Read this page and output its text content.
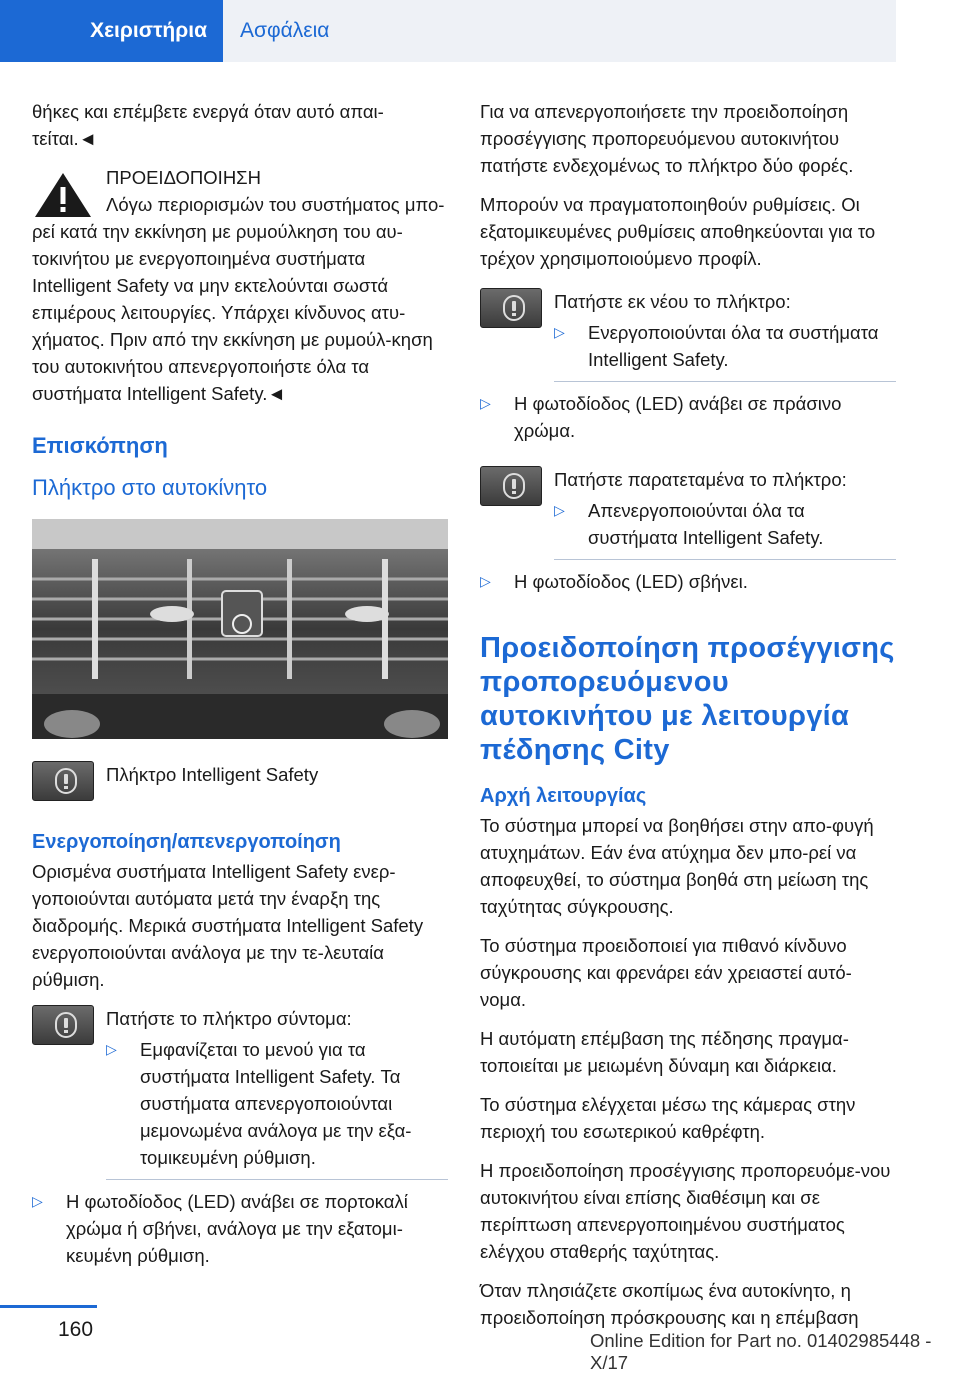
Χειριστήρια	Ασφάλεια

θήκες και επέμβετε ενεργά όταν αυτό απαι-τείται.◄

ΠΡΟΕΙΔΟΠΟΙΗΣΗ
Λόγω περιορισμών του συστήματος μπο-ρεί κατά την εκκίνηση με ρυμούλκηση του αυ-τοκινήτου με ενεργοποιημένα συστήματα Intelligent Safety να μην εκτελούνται σωστά επιμέρους λειτουργίες. Υπάρχει κίνδυνος ατυ-χήματος. Πριν από την εκκίνηση με ρυμούλ-κηση του αυτοκινήτου απενεργοποιήστε όλα τα συστήματα Intelligent Safety.◄
Επισκόπηση
Πλήκτρο στο αυτοκίνητο
Πλήκτρο Intelligent Safety
Ενεργοποίηση/απενεργοποίηση

Ορισμένα συστήματα Intelligent Safety ενερ-γοποιούνται αυτόματα μετά την έναρξη της διαδρομής. Μερικά συστήματα Intelligent Safety ενεργοποιούνται ανάλογα με την τε-λευταία ρύθμιση.

Πατήστε το πλήκτρο σύντομα:
▷ Εμφανίζεται το μενού για τα συστήματα Intelligent Safety. Τα συστήματα απενεργοποιούνται μεμονωμένα ανάλογα με την εξα-τομικευμένη ρύθμιση.
▷ Η φωτοδίοδος (LED) ανάβει σε πορτοκαλί χρώμα ή σβήνει, ανάλογα με την εξατομι-κευμένη ρύθμιση.

Για να απενεργοποιήσετε την προειδοποίηση προσέγγισης προπορευόμενου αυτοκινήτου πατήστε ενδεχομένως το πλήκτρο δύο φορές.

Μπορούν να πραγματοποιηθούν ρυθμίσεις. Οι εξατομικευμένες ρυθμίσεις αποθηκεύονται για το τρέχον χρησιμοποιούμενο προφίλ.

Πατήστε εκ νέου το πλήκτρο:
▷ Ενεργοποιούνται όλα τα συστήματα Intelligent Safety.
▷ Η φωτοδίοδος (LED) ανάβει σε πράσινο χρώμα.
Πατήστε παρατεταμένα το πλήκτρο:
▷ Απενεργοποιούνται όλα τα συστήματα Intelligent Safety.
▷ Η φωτοδίοδος (LED) σβήνει.
Προειδοποίηση προσέγγισης προπορευόμενου αυτοκινήτου με λειτουργία πέδησης City
Αρχή λειτουργίας

Το σύστημα μπορεί να βοηθήσει στην απο-φυγή ατυχημάτων. Εάν ένα ατύχημα δεν μπο-ρεί να αποφευχθεί, το σύστημα βοηθά στη μείωση της ταχύτητας σύγκρουσης.

Το σύστημα προειδοποιεί για πιθανό κίνδυνο σύγκρουσης και φρενάρει εάν χρειαστεί αυτό-νομα.

Η αυτόματη επέμβαση της πέδησης πραγμα-τοποιείται με μειωμένη δύναμη και διάρκεια.

Το σύστημα ελέγχεται μέσω της κάμερας στην περιοχή του εσωτερικού καθρέφτη.

Η προειδοποίηση προσέγγισης προπορευόμε-νου αυτοκινήτου είναι επίσης διαθέσιμη και σε περίπτωση απενεργοποιημένου συστήματος ελέγχου σταθερής ταχύτητας.

Όταν πλησιάζετε σκοπίμως ένα αυτοκίνητο, η προειδοποίηση πρόσκρουσης και η επέμβαση

160	Online Edition for Part no. 01402985448 - X/17
